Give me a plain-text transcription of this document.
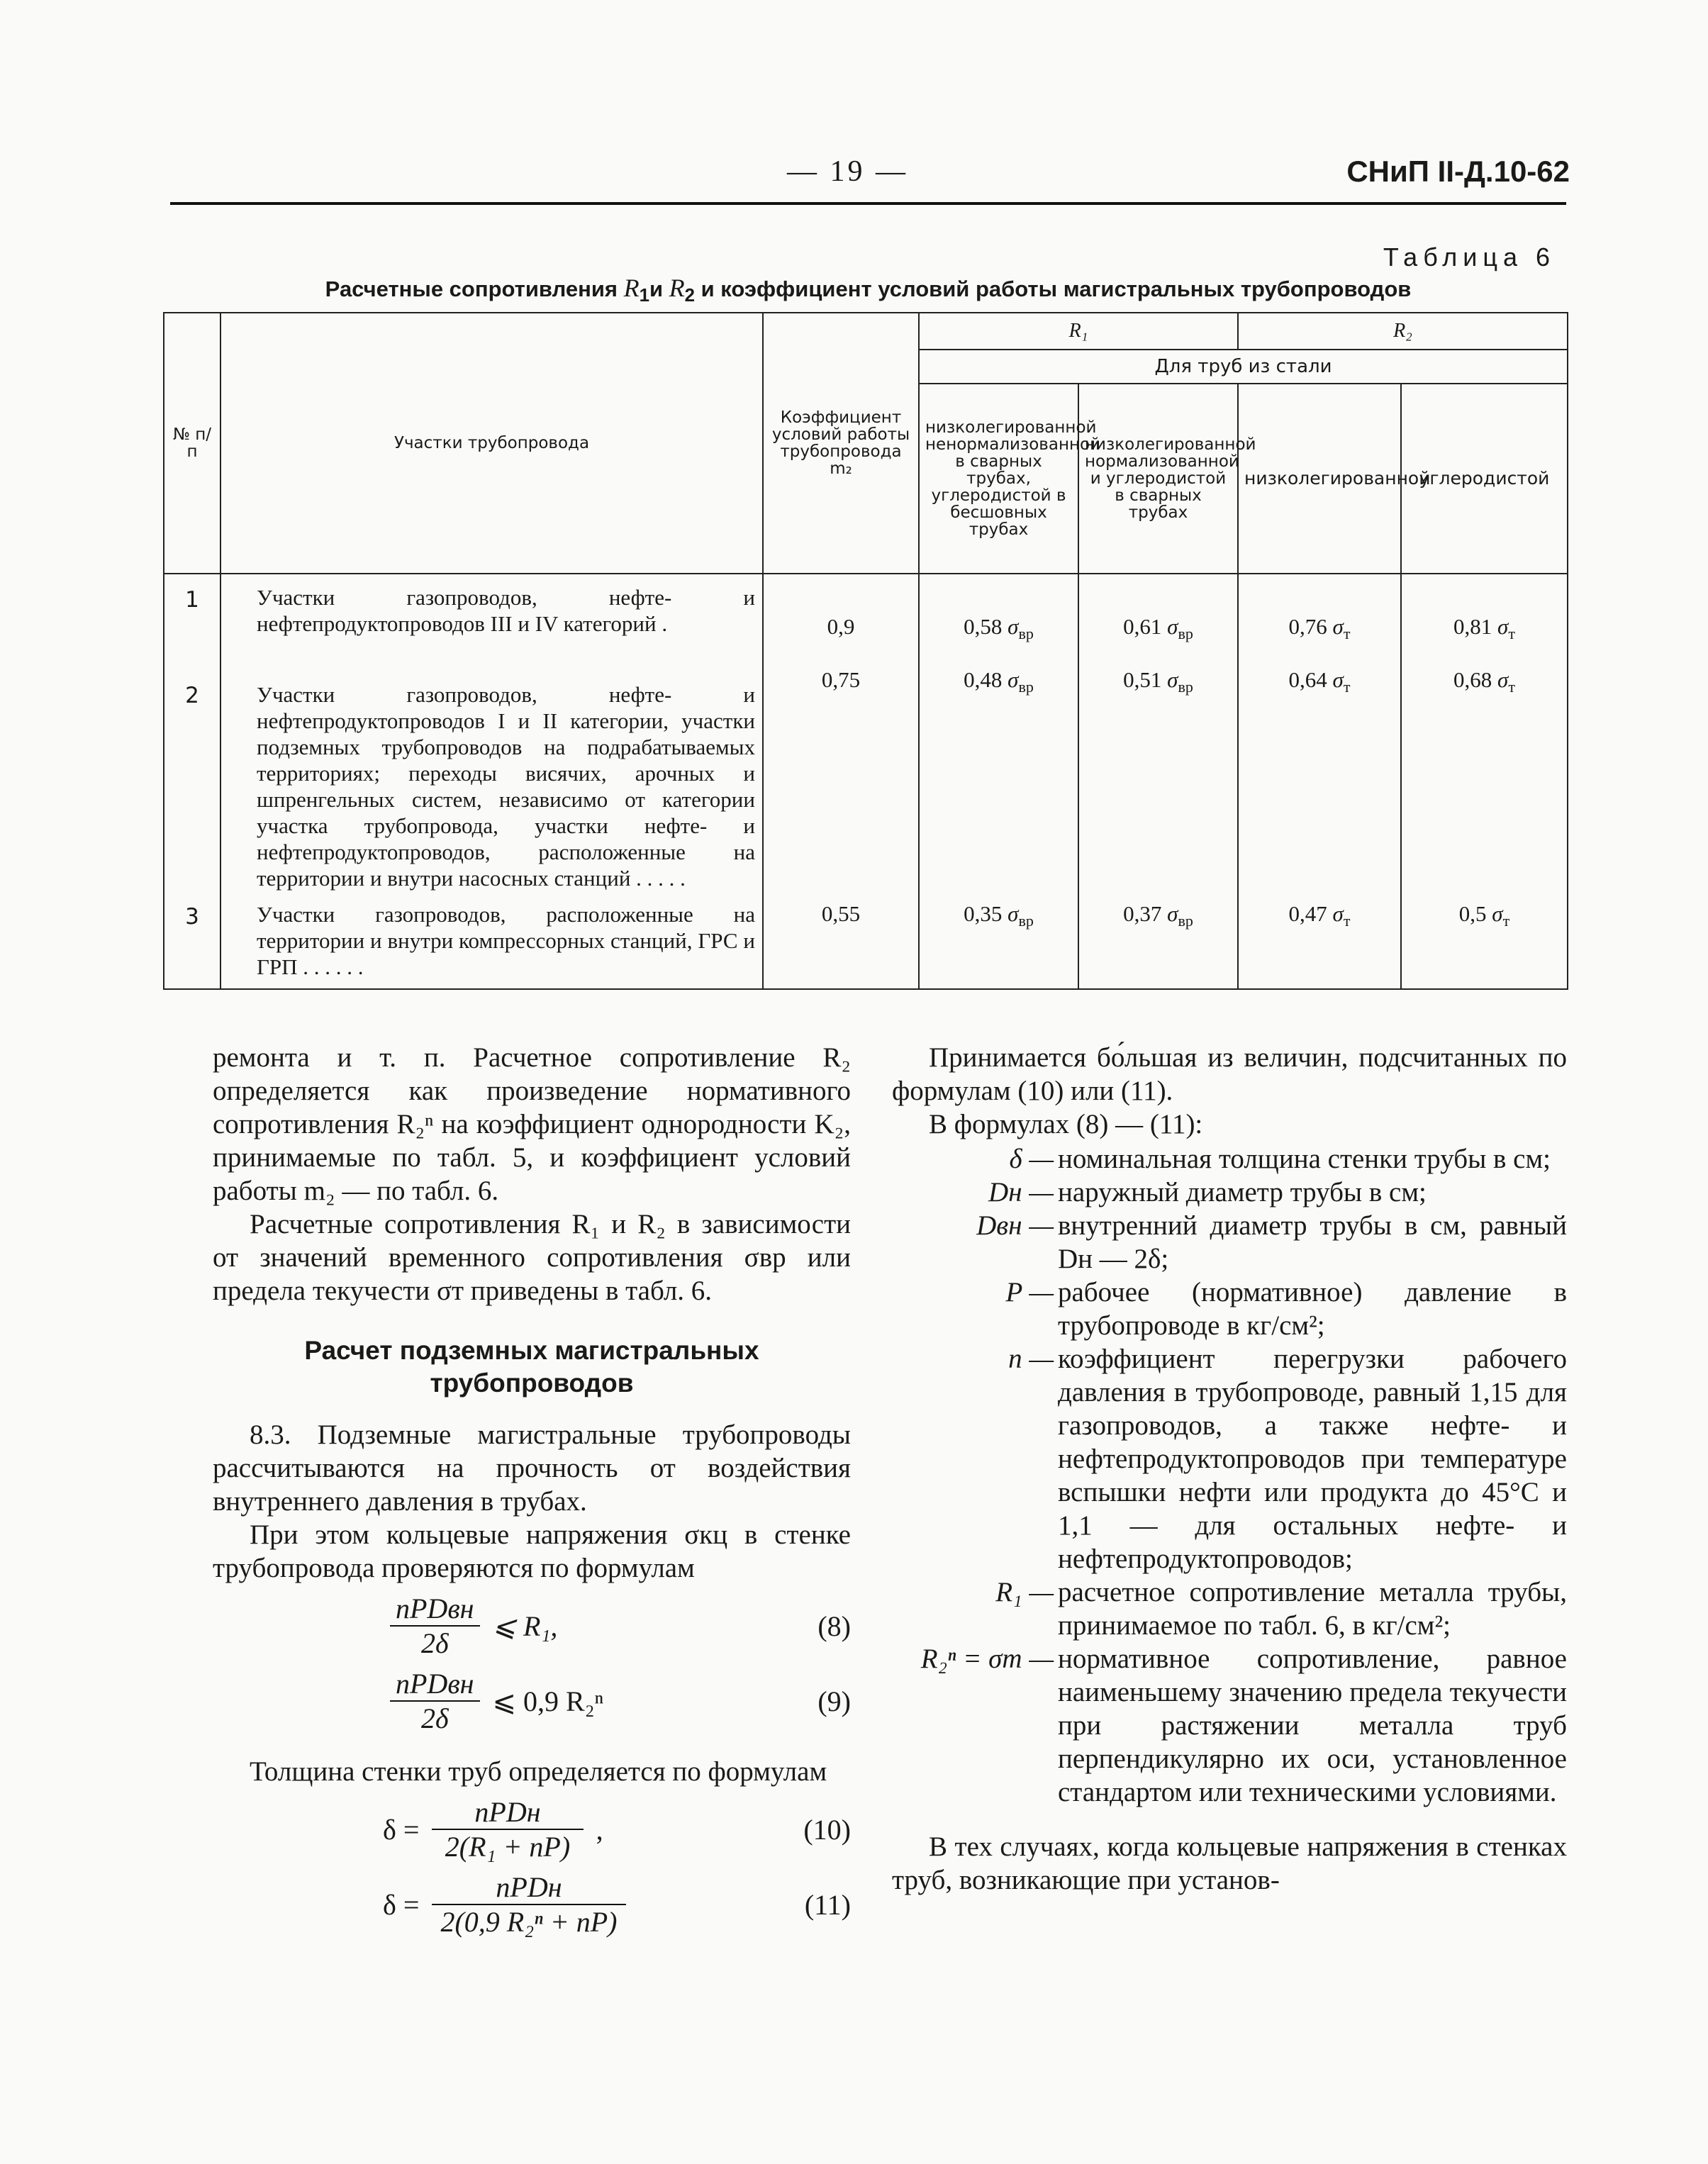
— 19 —	СНиП II-Д.10-62
Таблица 6
Расчетные сопротивления $R_1и$ $R_2$ и коэффициент условий работы магистральных трубопроводов
№ п/п	Участки трубопровода	Коэффициент условий работы трубопровода m₂	R₁		R₂	
			Для труб из стали			
			низколегированной ненормализованной в сварных трубах, углеродистой в бесшовных трубах	низколегированной нормализованной и углеродистой в сварных трубах	низколегированной	углеродистой
1	Участки газопроводов, нефте- и нефтепродуктопроводов III и IV категорий .	0,9	0,58 $\sigma_{вр}$	0,61 $\sigma_{вр}$	0,76 $\sigma_т$	0,81 $\sigma_т$
2	Участки газопроводов, нефте- и нефтепродуктопроводов I и II категории, участки подземных трубопроводов на подрабатываемых территориях; переходы висячих, арочных и шпренгельных систем, независимо от категории участка трубопровода, участки нефте- и нефтепродуктопроводов, расположенные на территории и внутри насосных станций . . . . .	0,75	0,48 $\sigma_{вр}$	0,51 $\sigma_{вр}$	0,64 $\sigma_т$	0,68 $\sigma_т$
3	Участки газопроводов, расположенные на территории и внутри компрессорных станций, ГРС и ГРП . . . . . .	0,55	0,35 $\sigma_{вр}$	0,37 $\sigma_{вр}$	0,47 $\sigma_т$	0,5 $\sigma_т$

ремонта и т. п. Расчетное сопротивление R₂ определяется как произведение нормативного сопротивления R₂ⁿ на коэффициент однородности K₂, принимаемые по табл. 5, и коэффициент условий работы m₂ — по табл. 6.

Расчетные сопротивления R₁ и R₂ в зависимости от значений временного сопротивления σвр или предела текучести σт приведены в табл. 6.

Расчет подземных магистральных трубопроводов

8.3. Подземные магистральные трубопроводы рассчитываются на прочность от воздействия внутреннего давления в трубах.

При этом кольцевые напряжения σкц в стенке трубопровода проверяются по формулам

$\frac{\text{nPDвн}}{2\delta}$ ⩽ R₁,	(8)
$\frac{\text{nPDвн}}{2\delta}$ ⩽ 0,9 R₂ⁿ	(9)

Толщина стенки труб определяется по формулам

$\delta = \frac{\text{nPDн}}{\text{2(R₁ + nP)}}$ ,	(10)
$\delta = \frac{\text{nPDн}}{\text{2(0,9 R₂ⁿ + nP)}}$	(11)

Принимается бо́льшая из величин, подсчитанных по формулам (10) или (11).

В формулах (8) — (11):

δ — номинальная толщина стенки трубы в см;
Dн — наружный диаметр трубы в см;
Dвн — внутренний диаметр трубы в см, равный Dн — 2δ;
P — рабочее (нормативное) давление в трубопроводе в кг/см²;
n — коэффициент перегрузки рабочего давления в трубопроводе, равный 1,15 для газопроводов, а также нефте- и нефтепродуктопроводов при температуре вспышки нефти или продукта до 45°С и 1,1 — для остальных нефте- и нефтепродуктопроводов;
R₁ — расчетное сопротивление металла трубы, принимаемое по табл. 6, в кг/см²;
R₂ⁿ = σт — нормативное сопротивление, равное наименьшему значению предела текучести при растяжении металла труб перпендикулярно их оси, установленное стандартом или техническими условиями.

В тех случаях, когда кольцевые напряжения в стенках труб, возникающие при установ-
